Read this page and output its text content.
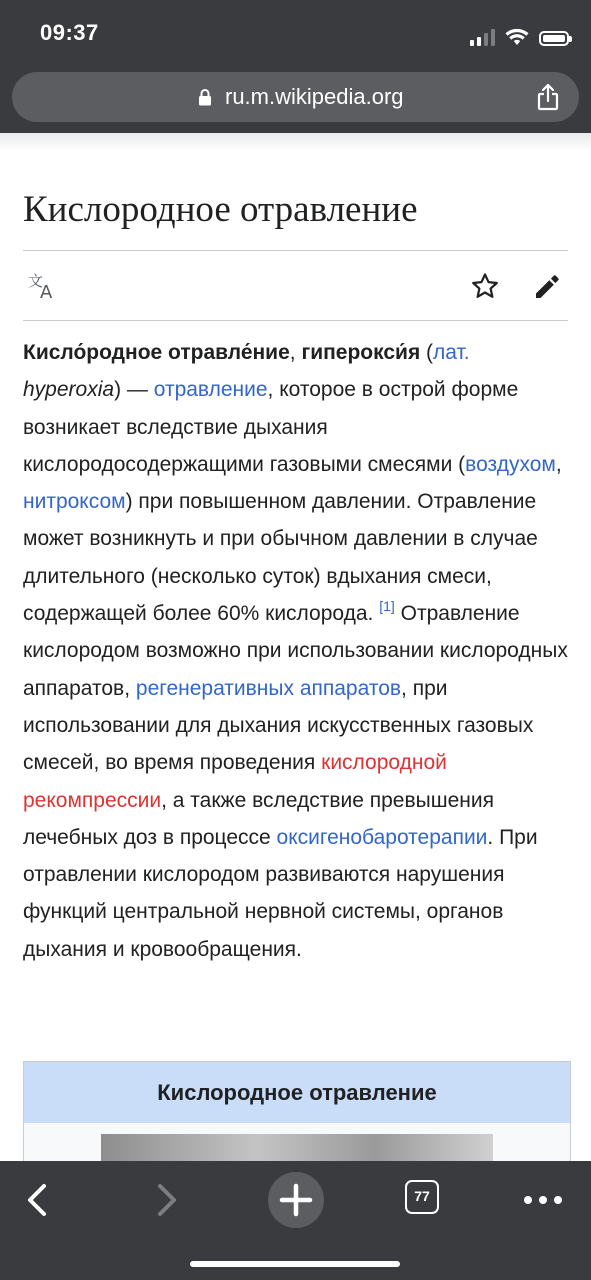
09:37
ru.m.wikipedia.org
Кислородное отравление
文
A

Кисло́родное отравле́ние, гиперокси́я (лат. hyperoxia) — отравление, которое в острой форме возникает вследствие дыхания кислородосодержащими газовыми смесями (воздухом, нитроксом) при повышенном давлении. Отравление может возникнуть и при обычном давлении в случае длительного (несколько суток) вдыхания смеси, содержащей более 60% кислорода. [1] Отравление кислородом возможно при использовании кислородных аппаратов, регенеративных аппаратов, при использовании для дыхания искусственных газовых смесей, во время проведения кислородной рекомпрессии, а также вследствие превышения лечебных доз в процессе оксигенобаротерапии. При отравлении кислородом развиваются нарушения функций центральной нервной системы, органов дыхания и кровообращения.

Кислородное отравление
77
